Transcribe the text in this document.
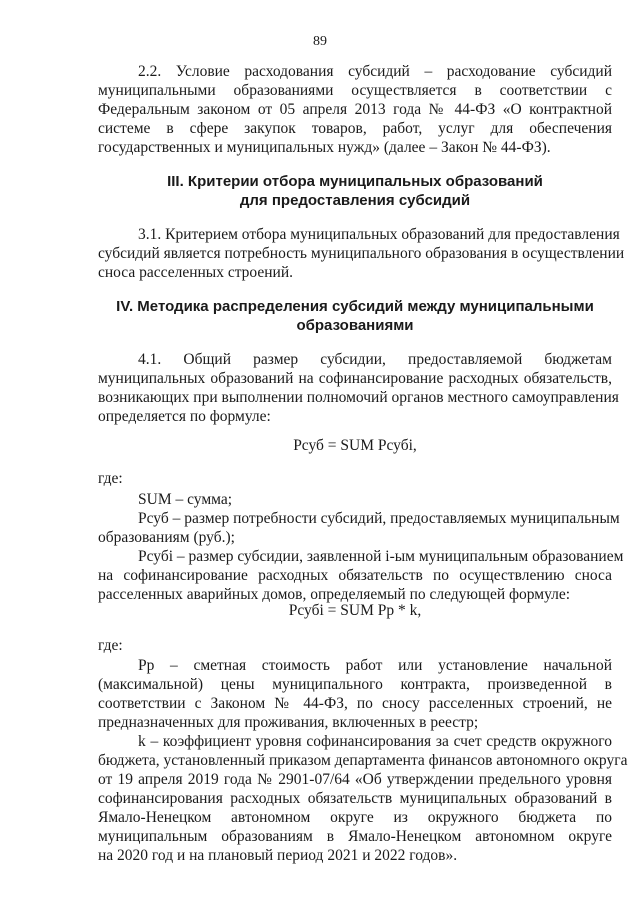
89
2.2. Условие расходования субсидий – расходование субсидий
муниципальными образованиями осуществляется в соответствии с
Федеральным законом от 05 апреля 2013 года № 44-ФЗ «О контрактной
системе в сфере закупок товаров, работ, услуг для обеспечения
государственных и муниципальных нужд» (далее – Закон № 44-ФЗ).
III. Критерии отбора муниципальных образований
для предоставления субсидий
3.1. Критерием отбора муниципальных образований для предоставления
субсидий является потребность муниципального образования в осуществлении
сноса расселенных строений.
IV. Методика распределения субсидий между муниципальными
образованиями
4.1. Общий размер субсидии, предоставляемой бюджетам
муниципальных образований на софинансирование расходных обязательств,
возникающих при выполнении полномочий органов местного самоуправления
определяется по формуле:
Рсуб = SUM Рсубі,
где:
SUM – сумма;
Рсуб – размер потребности субсидий, предоставляемых муниципальным
образованиям (руб.);
Рсубі – размер субсидии, заявленной і-ым муниципальным образованием
на софинансирование расходных обязательств по осуществлению сноса
расселенных аварийных домов, определяемый по следующей формуле:
Рсубі = SUM Рр * k,
где:
Рр – сметная стоимость работ или установление начальной
(максимальной) цены муниципального контракта, произведенной в
соответствии с Законом № 44-ФЗ, по сносу расселенных строений, не
предназначенных для проживания, включенных в реестр;
k – коэффициент уровня софинансирования за счет средств окружного
бюджета, установленный приказом департамента финансов автономного округа
от 19 апреля 2019 года № 2901-07/64 «Об утверждении предельного уровня
софинансирования расходных обязательств муниципальных образований в
Ямало-Ненецком автономном округе из окружного бюджета по
муниципальным образованиям в Ямало-Ненецком автономном округе
на 2020 год и на плановый период 2021 и 2022 годов».
